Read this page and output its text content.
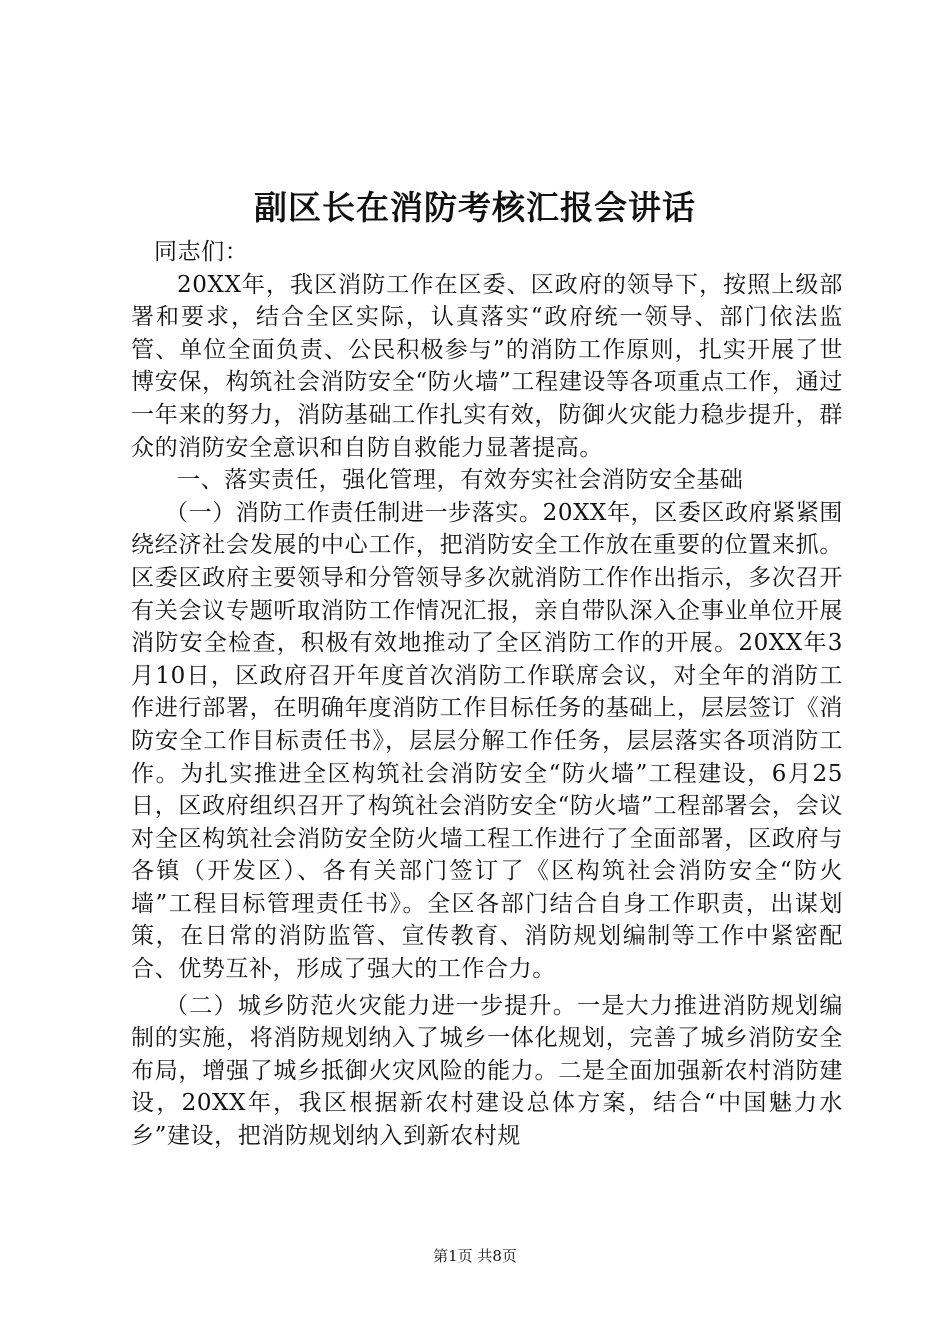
副区长在消防考核汇报会讲话

同志们：

20XX年，我区消防工作在区委、区政府的领导下，按照上级部署和要求，结合全区实际，认真落实“政府统一领导、部门依法监管、单位全面负责、公民积极参与”的消防工作原则，扎实开展了世博安保，构筑社会消防安全“防火墙”工程建设等各项重点工作，通过一年来的努力，消防基础工作扎实有效，防御火灾能力稳步提升，群众的消防安全意识和自防自救能力显著提高。

一、落实责任，强化管理，有效夯实社会消防安全基础

（一）消防工作责任制进一步落实。20XX年，区委区政府紧紧围绕经济社会发展的中心工作，把消防安全工作放在重要的位置来抓。区委区政府主要领导和分管领导多次就消防工作作出指示，多次召开有关会议专题听取消防工作情况汇报，亲自带队深入企事业单位开展消防安全检查，积极有效地推动了全区消防工作的开展。20XX年3月10日，区政府召开年度首次消防工作联席会议，对全年的消防工作进行部署，在明确年度消防工作目标任务的基础上，层层签订《消防安全工作目标责任书》，层层分解工作任务，层层落实各项消防工作。为扎实推进全区构筑社会消防安全“防火墙”工程建设，6月25日，区政府组织召开了构筑社会消防安全“防火墙”工程部署会，会议对全区构筑社会消防安全防火墙工程工作进行了全面部署，区政府与各镇（开发区）、各有关部门签订了《区构筑社会消防安全“防火墙”工程目标管理责任书》。全区各部门结合自身工作职责，出谋划策，在日常的消防监管、宣传教育、消防规划编制等工作中紧密配合、优势互补，形成了强大的工作合力。

（二）城乡防范火灾能力进一步提升。一是大力推进消防规划编制的实施，将消防规划纳入了城乡一体化规划，完善了城乡消防安全布局，增强了城乡抵御火灾风险的能力。二是全面加强新农村消防建设，20XX年，我区根据新农村建设总体方案，结合“中国魅力水乡”建设，把消防规划纳入到新农村规

第1页 共8页
